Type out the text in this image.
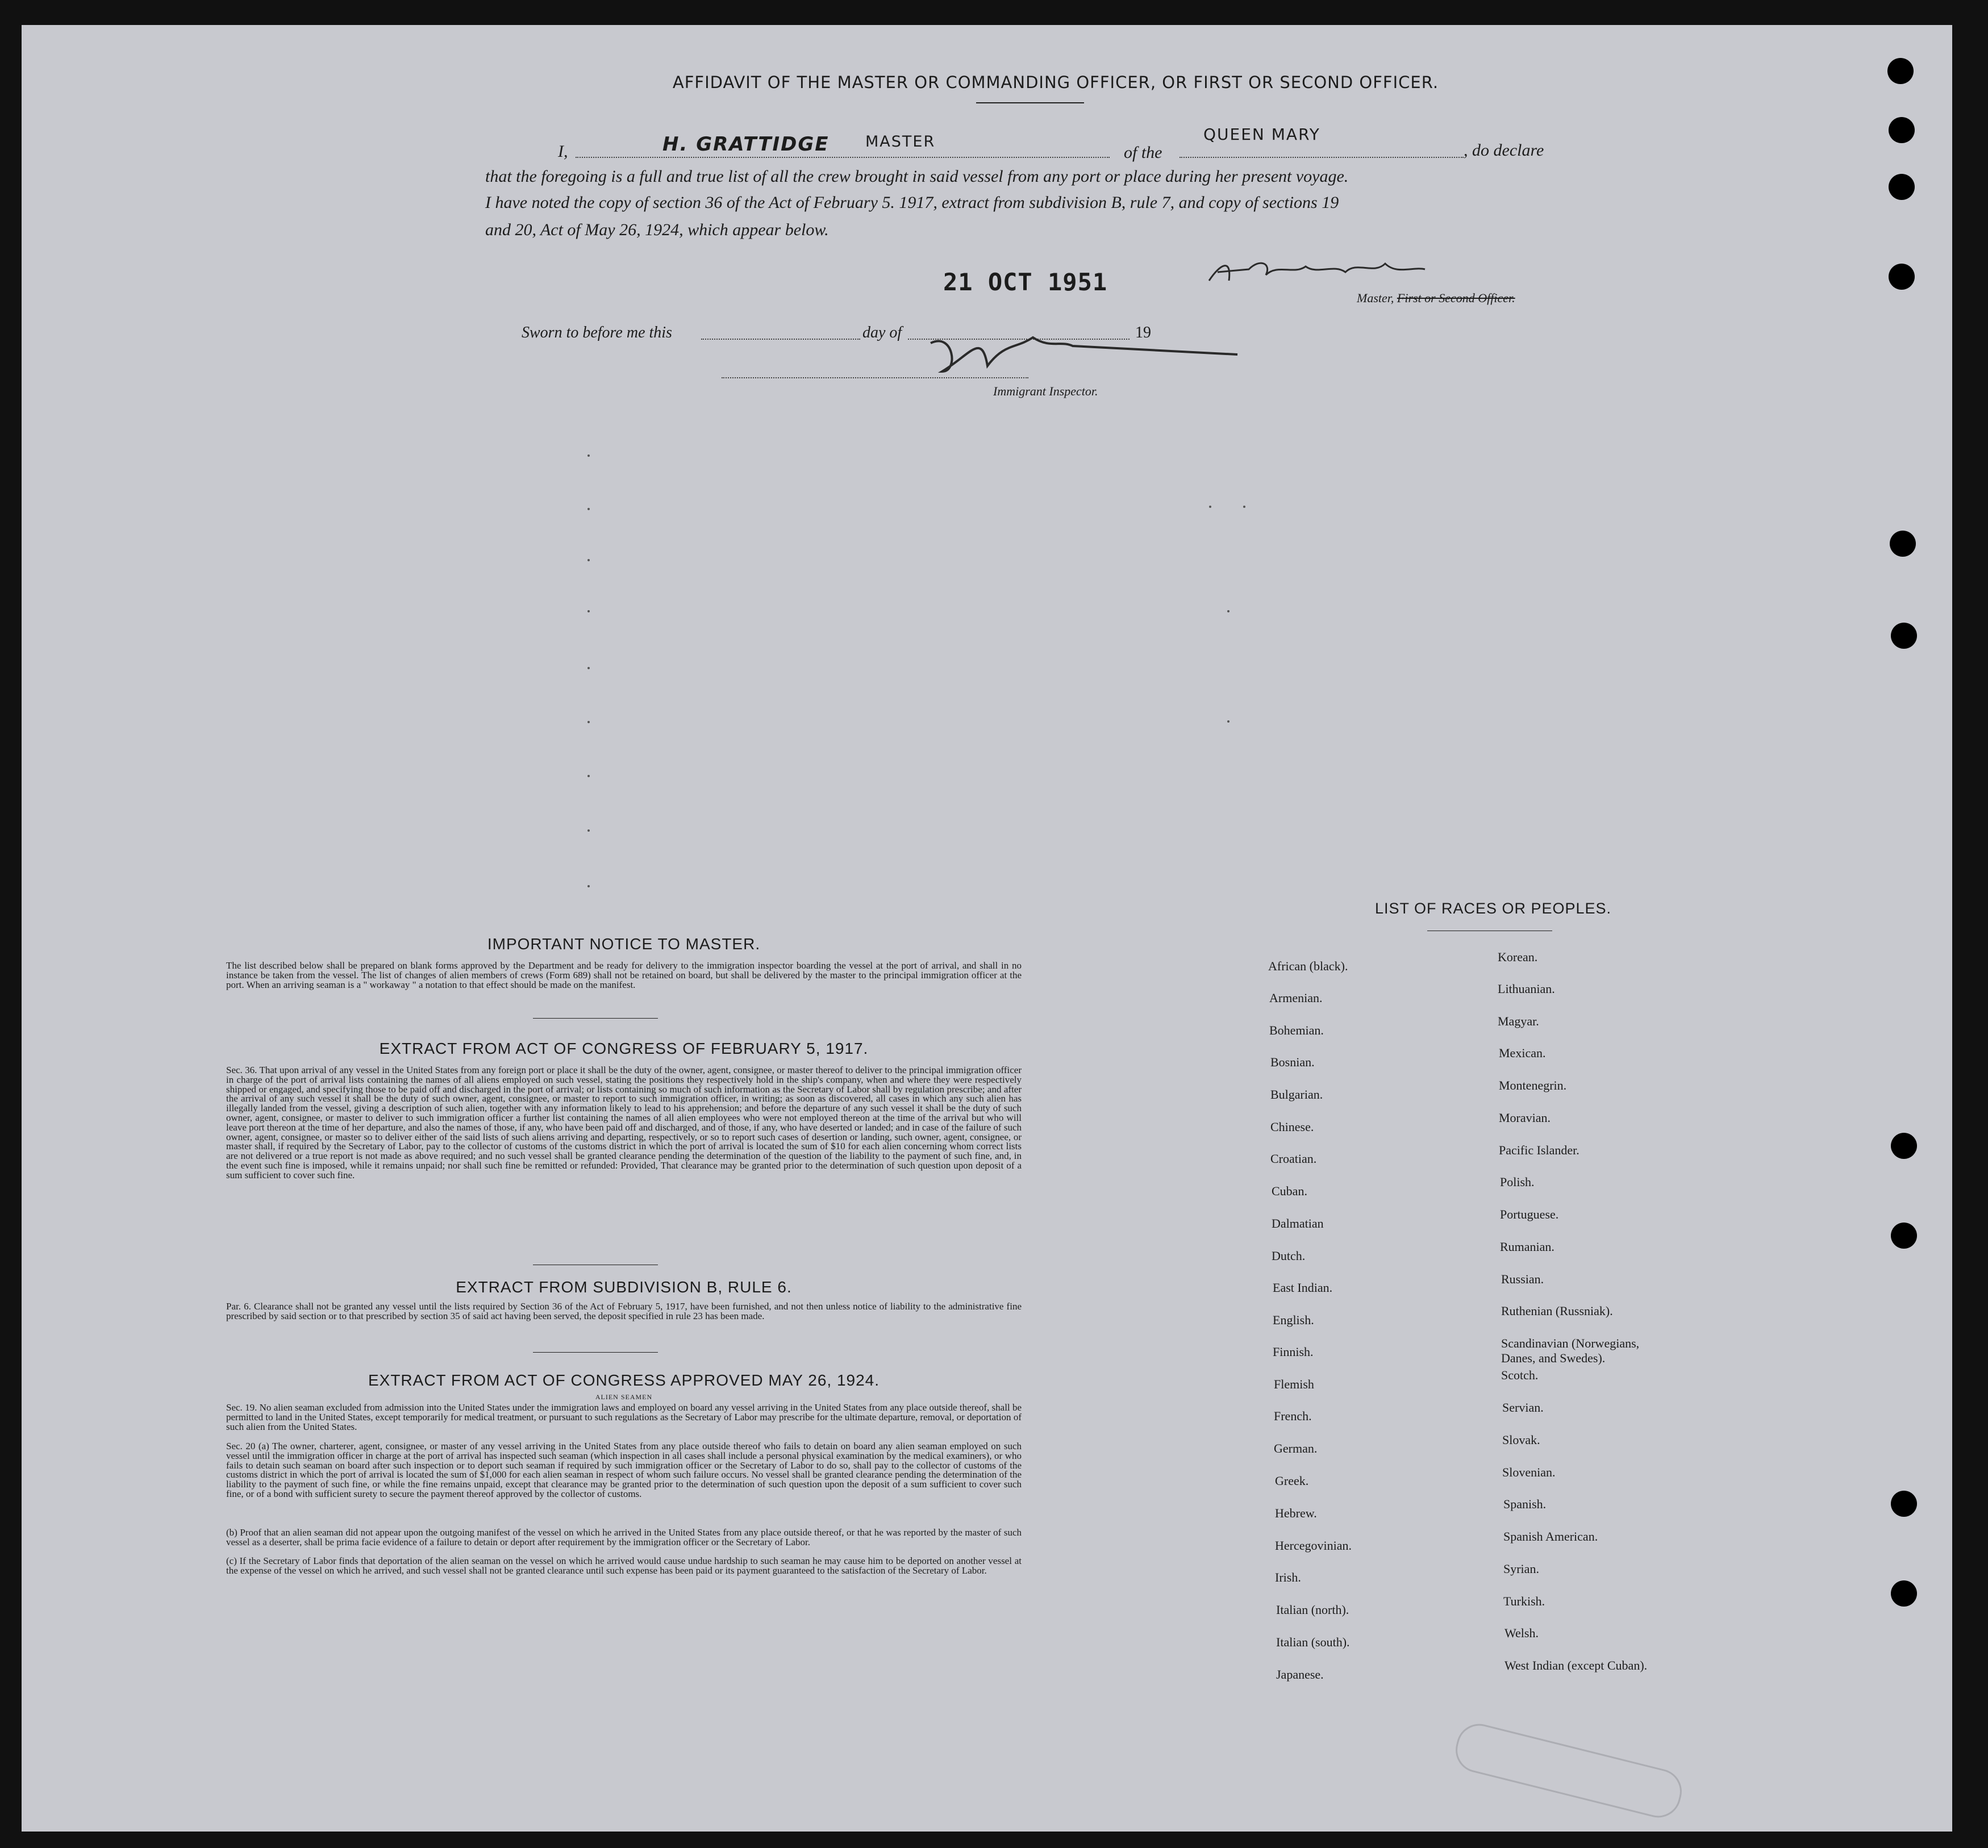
AFFIDAVIT OF THE MASTER OR COMMANDING OFFICER, OR FIRST OR SECOND OFFICER.
I,	H. GRATTIDGE MASTER
of the
QUEEN MARY
, do declare
that the foregoing is a full and true list of all the crew brought in said vessel from any port or place during her present voyage.
I have noted the copy of section 36 of the Act of February 5. 1917, extract from subdivision B, rule 7, and copy of sections 19
and 20, Act of May 26, 1924, which appear below.
Master, First or Second Officer.
21 OCT 1951
Sworn to before me this	day of	19
Immigrant Inspector.
IMPORTANT NOTICE TO MASTER.
The list described below shall be prepared on blank forms approved by the Department and be ready for delivery to the immigration inspector boarding the vessel at the port of arrival, and shall in no instance be taken from the vessel. The list of changes of alien members of crews (Form 689) shall not be retained on board, but shall be delivered by the master to the principal immigration officer at the port. When an arriving seaman is a " workaway " a notation to that effect should be made on the manifest.
EXTRACT FROM ACT OF CONGRESS OF FEBRUARY 5, 1917.
Sec. 36. That upon arrival of any vessel in the United States from any foreign port or place it shall be the duty of the owner, agent, consignee, or master thereof to deliver to the principal immigration officer in charge of the port of arrival lists containing the names of all aliens employed on such vessel, stating the positions they respectively hold in the ship's company, when and where they were respectively shipped or engaged, and specifying those to be paid off and discharged in the port of arrival; or lists containing so much of such information as the Secretary of Labor shall by regulation prescribe; and after the arrival of any such vessel it shall be the duty of such owner, agent, consignee, or master to report to such immigration officer, in writing; as soon as discovered, all cases in which any such alien has illegally landed from the vessel, giving a description of such alien, together with any information likely to lead to his apprehension; and before the departure of any such vessel it shall be the duty of such owner, agent, consignee, or master to deliver to such immigration officer a further list containing the names of all alien employees who were not employed thereon at the time of the arrival but who will leave port thereon at the time of her departure, and also the names of those, if any, who have been paid off and discharged, and of those, if any, who have deserted or landed; and in case of the failure of such owner, agent, consignee, or master so to deliver either of the said lists of such aliens arriving and departing, respectively, or so to report such cases of desertion or landing, such owner, agent, consignee, or master shall, if required by the Secretary of Labor, pay to the collector of customs of the customs district in which the port of arrival is located the sum of $10 for each alien concerning whom correct lists are not delivered or a true report is not made as above required; and no such vessel shall be granted clearance pending the determination of the question of the liability to the payment of such fine, and, in the event such fine is imposed, while it remains unpaid; nor shall such fine be remitted or refunded: Provided, That clearance may be granted prior to the determination of such question upon deposit of a sum sufficient to cover such fine.
EXTRACT FROM SUBDIVISION B, RULE 6.
Par. 6. Clearance shall not be granted any vessel until the lists required by Section 36 of the Act of February 5, 1917, have been furnished, and not then unless notice of liability to the administrative fine prescribed by said section or to that prescribed by section 35 of said act having been served, the deposit specified in rule 23 has been made.
EXTRACT FROM ACT OF CONGRESS APPROVED MAY 26, 1924.
ALIEN SEAMEN
Sec. 19. No alien seaman excluded from admission into the United States under the immigration laws and employed on board any vessel arriving in the United States from any place outside thereof, shall be permitted to land in the United States, except temporarily for medical treatment, or pursuant to such regulations as the Secretary of Labor may prescribe for the ultimate departure, removal, or deportation of such alien from the United States.
Sec. 20 (a) The owner, charterer, agent, consignee, or master of any vessel arriving in the United States from any place outside thereof who fails to detain on board any alien seaman employed on such vessel until the immigration officer in charge at the port of arrival has inspected such seaman (which inspection in all cases shall include a personal physical examination by the medical examiners), or who fails to detain such seaman on board after such inspection or to deport such seaman if required by such immigration officer or the Secretary of Labor to do so, shall pay to the collector of customs of the customs district in which the port of arrival is located the sum of $1,000 for each alien seaman in respect of whom such failure occurs. No vessel shall be granted clearance pending the determination of the liability to the payment of such fine, or while the fine remains unpaid, except that clearance may be granted prior to the determination of such question upon the deposit of a sum sufficient to cover such fine, or of a bond with sufficient surety to secure the payment thereof approved by the collector of customs.
(b) Proof that an alien seaman did not appear upon the outgoing manifest of the vessel on which he arrived in the United States from any place outside thereof, or that he was reported by the master of such vessel as a deserter, shall be prima facie evidence of a failure to detain or deport after requirement by the immigration officer or the Secretary of Labor.
(c) If the Secretary of Labor finds that deportation of the alien seaman on the vessel on which he arrived would cause undue hardship to such seaman he may cause him to be deported on another vessel at the expense of the vessel on which he arrived, and such vessel shall not be granted clearance until such expense has been paid or its payment guaranteed to the satisfaction of the Secretary of Labor.
LIST OF RACES OR PEOPLES.
African (black).
Armenian.
Bohemian.
Bosnian.
Bulgarian.
Chinese.
Croatian.
Cuban.
Dalmatian
Dutch.
East Indian.
English.
Finnish.
Flemish
French.
German.
Greek.
Hebrew.
Hercegovinian.
Irish.
Italian (north).
Italian (south).
Japanese.
Korean.
Lithuanian.
Magyar.
Mexican.
Montenegrin.
Moravian.
Pacific Islander.
Polish.
Portuguese.
Rumanian.
Russian.
Ruthenian (Russniak).
Scandinavian (Norwegians,
Danes, and Swedes).
Scotch.
Servian.
Slovak.
Slovenian.
Spanish.
Spanish American.
Syrian.
Turkish.
Welsh.
West Indian (except Cuban).
